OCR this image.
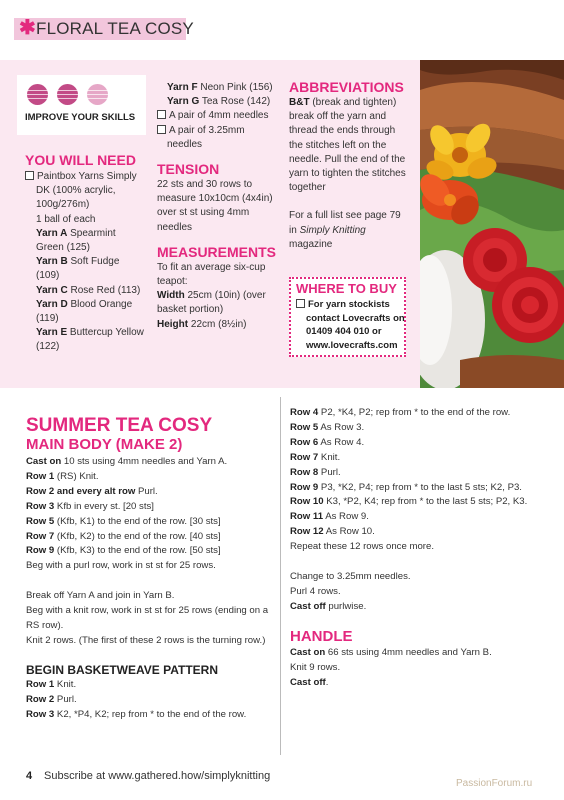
✱ FLORAL TEA COSY
IMPROVE YOUR SKILLS
YOU WILL NEED
Paintbox Yarns Simply DK (100% acrylic, 100g/276m)
1 ball of each
Yarn A Spearmint Green (125)
Yarn B Soft Fudge (109)
Yarn C Rose Red (113)
Yarn D Blood Orange (119)
Yarn E Buttercup Yellow (122)
Yarn F Neon Pink (156)
Yarn G Tea Rose (142)
A pair of 4mm needles
A pair of 3.25mm needles
TENSION
22 sts and 30 rows to measure 10x10cm (4x4in) over st st using 4mm needles
MEASUREMENTS
To fit an average six-cup teapot:
Width 25cm (10in) (over basket portion)
Height 22cm (8½in)
ABBREVIATIONS
B&T (break and tighten) break off the yarn and thread the ends through the stitches left on the needle. Pull the end of the yarn to tighten the stitches together
For a full list see page 79 in Simply Knitting magazine
WHERE TO BUY
For yarn stockists contact Lovecrafts on 01409 404 010 or www.lovecrafts.com
SUMMER TEA COSY
MAIN BODY (MAKE 2)
Cast on 10 sts using 4mm needles and Yarn A.
Row 1 (RS) Knit.
Row 2 and every alt row Purl.
Row 3 Kfb in every st. [20 sts]
Row 5 (Kfb, K1) to the end of the row. [30 sts]
Row 7 (Kfb, K2) to the end of the row. [40 sts]
Row 9 (Kfb, K3) to the end of the row. [50 sts]
Beg with a purl row, work in st st for 25 rows.
Break off Yarn A and join in Yarn B.
Beg with a knit row, work in st st for 25 rows (ending on a RS row).
Knit 2 rows. (The first of these 2 rows is the turning row.)
BEGIN BASKETWEAVE PATTERN
Row 1 Knit.
Row 2 Purl.
Row 3 K2, *P4, K2; rep from * to the end of the row.
Row 4 P2, *K4, P2; rep from * to the end of the row.
Row 5 As Row 3.
Row 6 As Row 4.
Row 7 Knit.
Row 8 Purl.
Row 9 P3, *K2, P4; rep from * to the last 5 sts; K2, P3.
Row 10 K3, *P2, K4; rep from * to the last 5 sts; P2, K3.
Row 11 As Row 9.
Row 12 As Row 10.
Repeat these 12 rows once more.
Change to 3.25mm needles.
Purl 4 rows.
Cast off purlwise.
HANDLE
Cast on 66 sts using 4mm needles and Yarn B.
Knit 9 rows.
Cast off.
4 Subscribe at www.gathered.how/simplyknitting
PassionForum.ru
